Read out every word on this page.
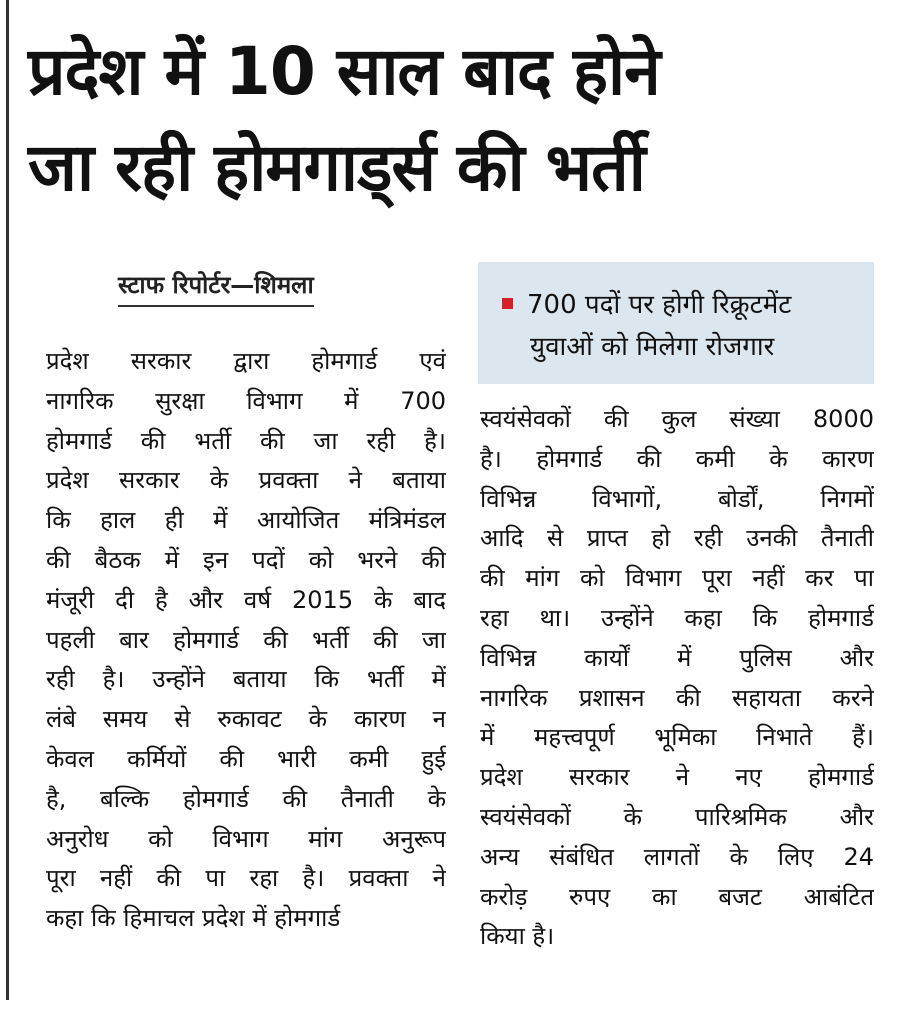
प्रदेश में 10 साल बाद होने
जा रही होमगाड्‌र्स की भर्ती
स्टाफ रिपोर्टर—शिमला
700 पदों पर होगी रिक्रूटमेंट
युवाओं को मिलेगा रोजगार
प्रदेश सरकार द्वारा होमगार्ड एवं
नागरिक सुरक्षा विभाग में 700
होमगार्ड की भर्ती की जा रही है।
प्रदेश सरकार के प्रवक्ता ने बताया
कि हाल ही में आयोजित मंत्रिमंडल
की बैठक में इन पदों को भरने की
मंजूरी दी है और वर्ष 2015 के बाद
पहली बार होमगार्ड की भर्ती की जा
रही है। उन्होंने बताया कि भर्ती में
लंबे समय से रुकावट के कारण न
केवल कर्मियों की भारी कमी हुई
है, बल्कि होमगार्ड की तैनाती के
अनुरोध को विभाग मांग अनुरूप
पूरा नहीं की पा रहा है। प्रवक्ता ने
कहा कि हिमाचल प्रदेश में होमगार्ड
स्वयंसेवकों की कुल संख्या 8000
है। होमगार्ड की कमी के कारण
विभिन्न विभागों, बोर्डों, निगमों
आदि से प्राप्त हो रही उनकी तैनाती
की मांग को विभाग पूरा नहीं कर पा
रहा था। उन्होंने कहा कि होमगार्ड
विभिन्न कार्यों में पुलिस और
नागरिक प्रशासन की सहायता करने
में महत्त्वपूर्ण भूमिका निभाते हैं।
प्रदेश सरकार ने नए होमगार्ड
स्वयंसेवकों के पारिश्रमिक और
अन्य संबंधित लागतों के लिए 24
करोड़ रुपए का बजट आबंटित
किया है।
